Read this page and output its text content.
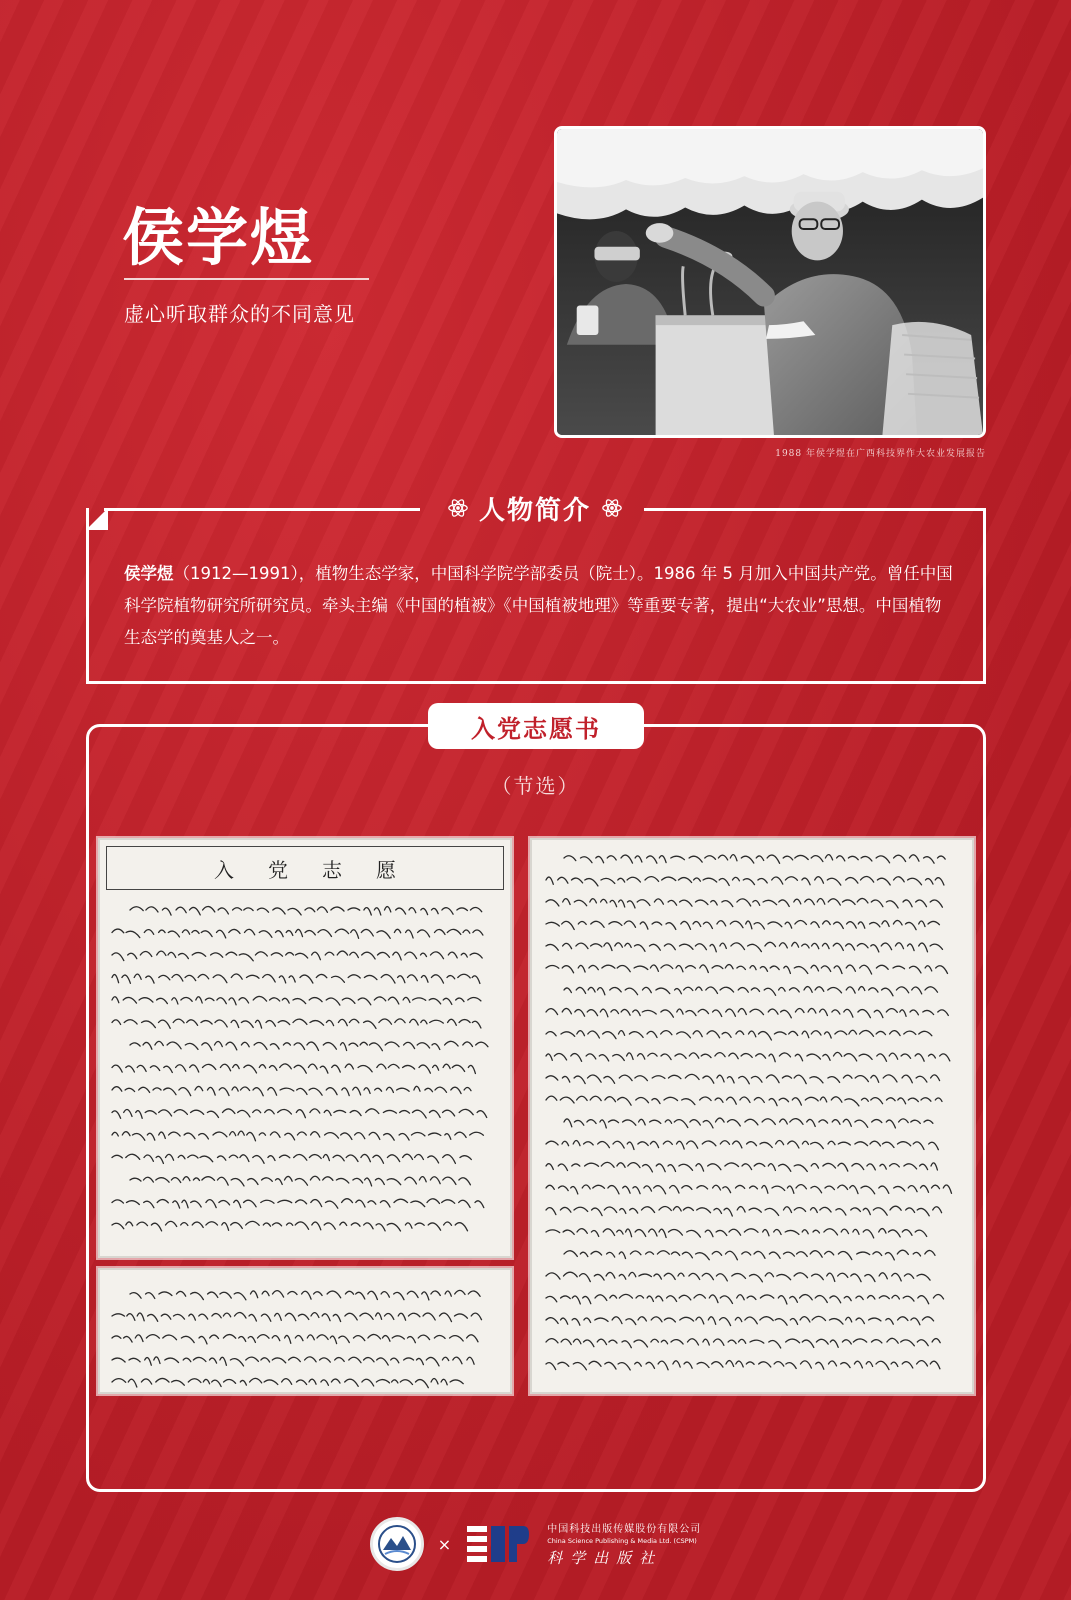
侯学煜
虚心听取群众的不同意见
1988 年侯学煜在广西科技界作大农业发展报告
人物简介
侯学煜（1912—1991），植物生态学家，中国科学院学部委员（院士）。1986 年 5 月加入中国共产党。曾任中国科学院植物研究所研究员。牵头主编《中国的植被》《中国植被地理》等重要专著，提出“大农业”思想。中国植物生态学的奠基人之一。
入党志愿书
（节选）
入党志愿
×
中国科技出版传媒股份有限公司
China Science Publishing & Media Ltd. (CSPM)
科学出版社
